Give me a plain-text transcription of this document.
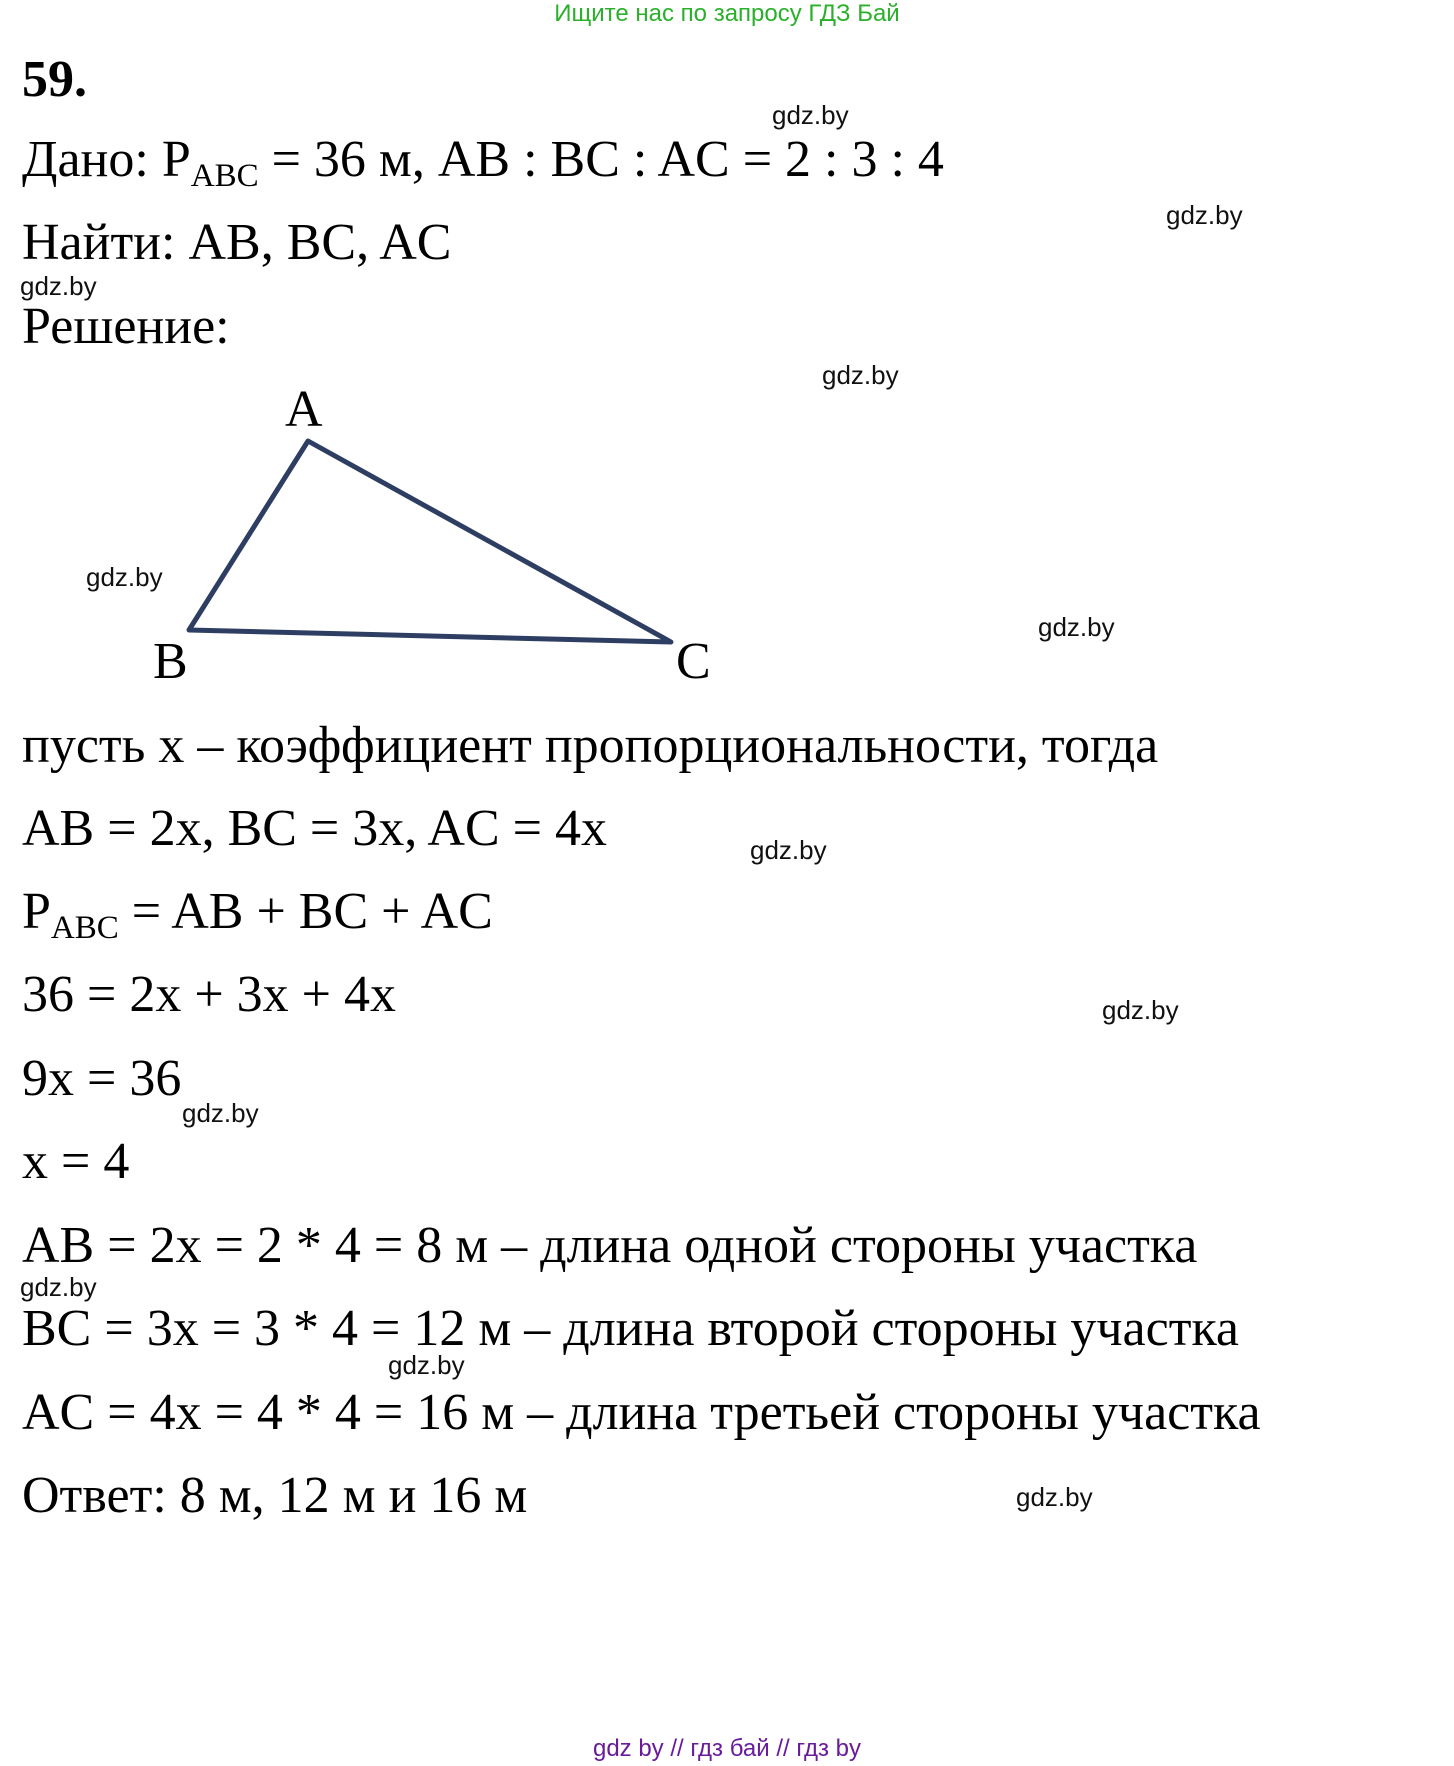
Ищите нас по запросу ГДЗ Бай
59.
Дано: $P_{ABC} = 36$ м, AB : BC : AC = 2 : 3 : 4
Найти: AB, BC, AC
Решение:
A
B	C
пусть x – коэффициент пропорциональности, тогда
AB = 2x, BC = 3x, AC = 4x
$P_{ABC}$ = AB + BC + AC
36 = 2x + 3x + 4x
9x = 36
x = 4
AB = 2x = 2 * 4 = 8 м – длина одной стороны участка
BC = 3x = 3 * 4 = 12 м – длина второй стороны участка
AC = 4x = 4 * 4 = 16 м – длина третьей стороны участка
Ответ: 8 м, 12 м и 16 м
gdz.by
gdz.by
gdz.by
gdz.by
gdz.by
gdz.by
gdz.by
gdz.by
gdz.by
gdz.by
gdz.by
gdz.by
gdz by // гдз бай // гдз by
